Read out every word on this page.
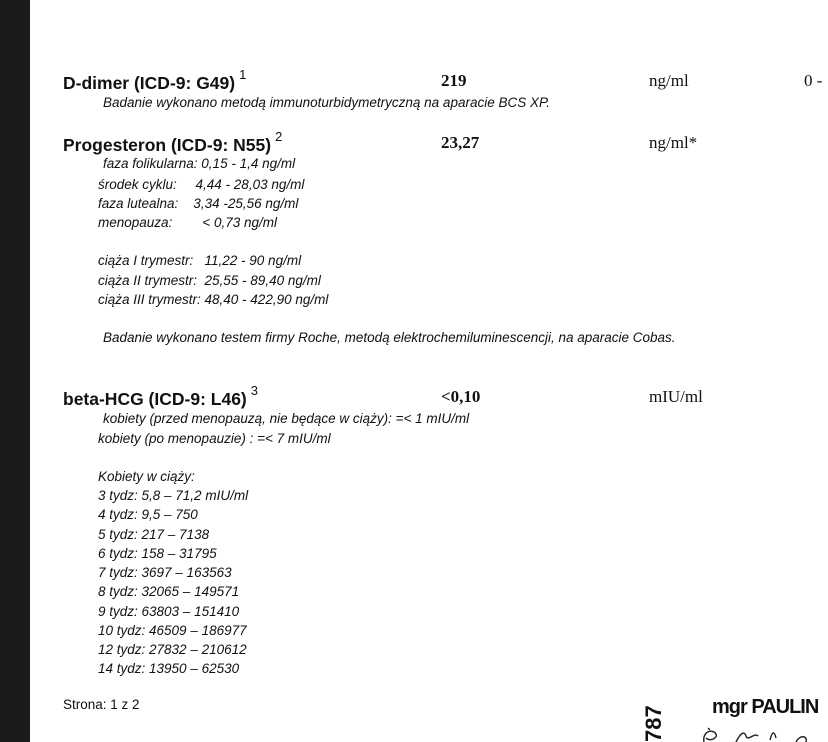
D-dimer (ICD-9: G49) $^1$	219	ng/ml	0 -
Badanie wykonano metodą immunoturbidymetryczną na aparacie BCS XP.
Progesteron (ICD-9: N55) $^2$	23,27	ng/ml*
faza folikularna: 0,15 - 1,4 ng/ml
środek cyklu:     4,44 - 28,03 ng/ml
faza lutealna:    3,34 -25,56 ng/ml
menopauza:        < 0,73 ng/ml
ciąża I trymestr:   11,22 - 90 ng/ml
ciąża II trymestr:  25,55 - 89,40 ng/ml
ciąża III trymestr: 48,40 - 422,90 ng/ml
Badanie wykonano testem firmy Roche, metodą elektrochemiluminescencji, na aparacie Cobas.
beta-HCG (ICD-9: L46) $^3$	<0,10	mIU/ml
kobiety (przed menopauzą, nie będące w ciąży): =< 1 mIU/ml
kobiety (po menopauzie) : =< 7 mIU/ml
Kobiety w ciąży:
3 tydz: 5,8 – 71,2 mIU/ml
4 tydz: 9,5 – 750
5 tydz: 217 – 7138
6 tydz: 158 – 31795
7 tydz: 3697 – 163563
8 tydz: 32065 – 149571
9 tydz: 63803 – 151410
10 tydz: 46509 – 186977
12 tydz: 27832 – 210612
14 tydz: 13950 – 62530
Strona: 1 z 2
787 mgr PAULIN
